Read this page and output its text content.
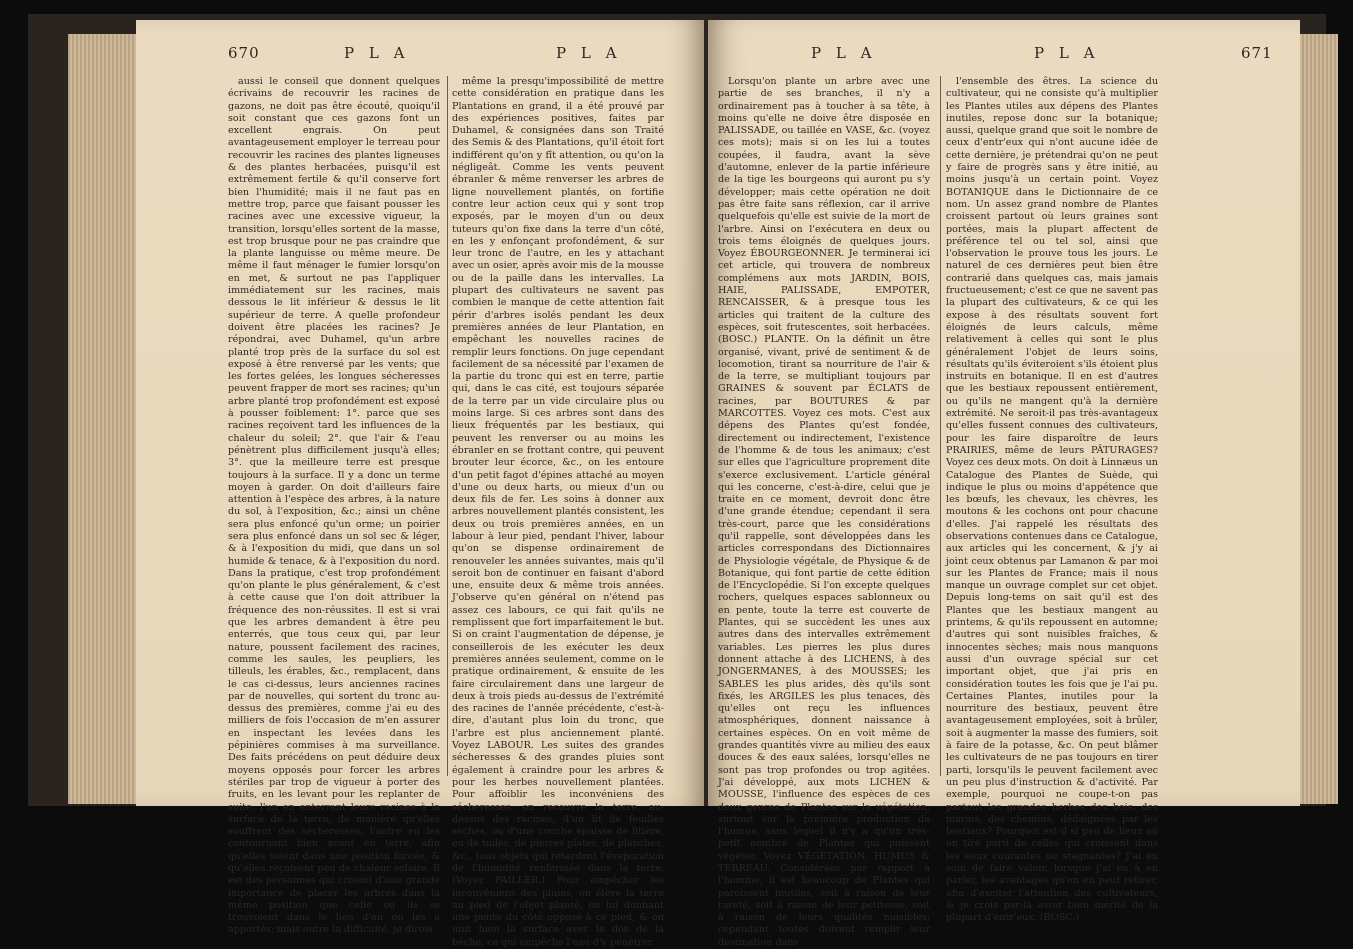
670	P L A	P L A

aussi le conseil que donnent quelques écrivains de recouvrir les racines de gazons, ne doit pas être écouté, quoiqu'il soit constant que ces gazons font un excellent engrais. On peut avantageusement employer le terreau pour recouvrir les racines des plantes ligneuses & des plantes herbacées, puisqu'il est extrêmement fertile & qu'il conserve fort bien l'humidité; mais il ne faut pas en mettre trop, parce que faisant pousser les racines avec une excessive vigueur, la transition, lorsqu'elles sortent de la masse, est trop brusque pour ne pas craindre que la plante languisse ou même meure. De même il faut ménager le fumier lorsqu'on en met, & surtout ne pas l'appliquer immédiatement sur les racines, mais dessous le lit inférieur & dessus le lit supérieur de terre. A quelle profondeur doivent être placées les racines? Je répondrai, avec Duhamel, qu'un arbre planté trop près de la surface du sol est exposé à être renversé par les vents; que les fortes gelées, les longues sécheresses peuvent frapper de mort ses racines; qu'un arbre planté trop profondément est exposé à pousser foiblement: 1°. parce que ses racines reçoivent tard les influences de la chaleur du soleil; 2°. que l'air & l'eau pénètrent plus difficilement jusqu'à elles; 3°. que la meilleure terre est presque toujours à la surface. Il y a donc un terme moyen à garder. On doit d'ailleurs faire attention à l'espèce des arbres, à la nature du sol, à l'exposition, &c.; ainsi un chêne sera plus enfoncé qu'un orme; un poirier sera plus enfoncé dans un sol sec & léger, & à l'exposition du midi, que dans un sol humide & tenace, & à l'exposition du nord. Dans la pratique, c'est trop profondément qu'on plante le plus généralement, & c'est à cette cause que l'on doit attribuer la fréquence des non-réussites. Il est si vrai que les arbres demandent à être peu enterrés, que tous ceux qui, par leur nature, poussent facilement des racines, comme les saules, les peupliers, les tilleuls, les érables, &c., remplacent, dans le cas ci-dessus, leurs anciennes racines par de nouvelles, qui sortent du tronc au-dessus des premières, comme j'ai eu des milliers de fois l'occasion de m'en assurer en inspectant les levées dans les pépinières commises à ma surveillance. Des faits précédens on peut déduire deux moyens opposés pour forcer les arbres stériles par trop de vigueur à porter des fruits, en les levant pour les replanter de suite; l'un en enterrant leurs racines à la surface de la terre, de manière qu'elles souffrent des sécheresses; l'autre en les contournant bien avant en terre, afin qu'elles soient dans une position forcée, & qu'elles reçoivent peu de chaleur solaire. Il est des personnes qui croient d'une grande importance de placer les arbres dans la même position que celle où ils se trouvoient dans le lieu d'où on les a apportés; mais outre la difficulté, je dirois

même la presqu'impossibilité de mettre cette considération en pratique dans les Plantations en grand, il a été prouvé par des expériences positives, faites par Duhamel, & consignées dans son Traité des Semis & des Plantations, qu'il étoit fort indifférent qu'on y fît attention, ou qu'on la négligeât. Comme les vents peuvent ébranler & même renverser les arbres de ligne nouvellement plantés, on fortifie contre leur action ceux qui y sont trop exposés, par le moyen d'un ou deux tuteurs qu'on fixe dans la terre d'un côté, en les y enfonçant profondément, & sur leur tronc de l'autre, en les y attachant avec un osier, après avoir mis de la mousse ou de la paille dans les intervalles. La plupart des cultivateurs ne savent pas combien le manque de cette attention fait périr d'arbres isolés pendant les deux premières années de leur Plantation, en empêchant les nouvelles racines de remplir leurs fonctions. On juge cependant facilement de sa nécessité par l'examen de la partie du tronc qui est en terre, partie qui, dans le cas cité, est toujours séparée de la terre par un vide circulaire plus ou moins large. Si ces arbres sont dans des lieux fréquentés par les bestiaux, qui peuvent les renverser ou au moins les ébranler en se frottant contre, qui peuvent brouter leur écorce, &c., on les entoure d'un petit fagot d'épines attaché au moyen d'une ou deux harts, ou mieux d'un ou deux fils de fer. Les soins à donner aux arbres nouvellement plantés consistent, les deux ou trois premières années, en un labour à leur pied, pendant l'hiver, labour qu'on se dispense ordinairement de renouveler les années suivantes, mais qu'il seroit bon de continuer en faisant d'abord une, ensuite deux & même trois années. J'observe qu'en général on n'étend pas assez ces labours, ce qui fait qu'ils ne remplissent que fort imparfaitement le but. Si on craint l'augmentation de dépense, je conseillerois de les exécuter les deux premières années seulement, comme on le pratique ordinairement, & ensuite de les faire circulairement dans une largeur de deux à trois pieds au-dessus de l'extrémité des racines de l'année précédente, c'est-à-dire, d'autant plus loin du tronc, que l'arbre est plus anciennement planté. Voyez LABOUR. Les suites des grandes sécheresses & des grandes pluies sont également à craindre pour les arbres & pour les herbes nouvellement plantées. Pour affoiblir les inconvéniens des sécheresses, on recouvre la terre, au-dessus des racines, d'un lit de feuilles sèches, ou d'une couche épaisse de litière, ou de tuiles, de pierres plates, de planches, &c., tous objets qui retardent l'évaporation de l'humidité renfermée dans la terre. (Voyez PAILLER.) Pour empêcher les inconvéniens des pluies, on élève la terre au pied de l'objet planté, en lui donnant une pente du côté opposé à ce pied, & on unit bien la surface avec le dos de la bêche, ce qui empêche l'eau d'y pénétrer.

P L A	P L A	671

Lorsqu'on plante un arbre avec une partie de ses branches, il n'y a ordinairement pas à toucher à sa tête, à moins qu'elle ne doive être disposée en PALISSADE, ou taillée en VASE, &c. (voyez ces mots); mais si on les lui a toutes coupées, il faudra, avant la sève d'automne, enlever de la partie inférieure de la tige les bourgeons qui auront pu s'y développer; mais cette opération ne doit pas être faite sans réflexion, car il arrive quelquefois qu'elle est suivie de la mort de l'arbre. Ainsi on l'exécutera en deux ou trois tems éloignés de quelques jours. Voyez ÉBOURGEONNER. Je terminerai ici cet article, qui trouvera de nombreux complémens aux mots JARDIN, BOIS, HAIE, PALISSADE, EMPOTER, RENCAISSER, & à presque tous les articles qui traitent de la culture des espèces, soit frutescentes, soit herbacées. (BOSC.) PLANTE. On la définit un être organisé, vivant, privé de sentiment & de locomotion, tirant sa nourriture de l'air & de la terre, se multipliant toujours par GRAINES & souvent par ÉCLATS de racines, par BOUTURES & par MARCOTTES. Voyez ces mots. C'est aux dépens des Plantes qu'est fondée, directement ou indirectement, l'existence de l'homme & de tous les animaux; c'est sur elles que l'agriculture proprement dite s'exerce exclusivement. L'article général qui les concerne, c'est-à-dire, celui que je traite en ce moment, devroit donc être d'une grande étendue; cependant il sera très-court, parce que les considérations qu'il rappelle, sont développées dans les articles correspondans des Dictionnaires de Physiologie végétale, de Physique & de Botanique, qui font partie de cette édition de l'Encyclopédie. Si l'on excepte quelques rochers, quelques espaces sablonneux ou en pente, toute la terre est couverte de Plantes, qui se succèdent les unes aux autres dans des intervalles extrêmement variables. Les pierres les plus dures donnent attache à des LICHENS, à des JONGERMANES, à des MOUSSES; les SABLES les plus arides, dès qu'ils sont fixés, les ARGILES les plus tenaces, dès qu'elles ont reçu les influences atmosphériques, donnent naissance à certaines espèces. On en voit même de grandes quantités vivre au milieu des eaux douces & des eaux salées, lorsqu'elles ne sont pas trop profondes ou trop agitées. J'ai développé, aux mots LICHEN & MOUSSE, l'influence des espèces de ces deux genres de Plantes sur la végétation, surtout sur la première production de l'humus, sans lequel il n'y a qu'un très-petit nombre de Plantes qui puissent végéter. Voyez VÉGÉTATION, HUMUS & TERREAU. Considérées par rapport à l'homme, il est beaucoup de Plantes qui paroissent inutiles, soit à raison de leur rareté, soit à raison de leur petitesse, soit à raison de leurs qualités nuisibles; cependant toutes doivent remplir leur destination dans

l'ensemble des êtres. La science du cultivateur, qui ne consiste qu'à multiplier les Plantes utiles aux dépens des Plantes inutiles, repose donc sur la botanique; aussi, quelque grand que soit le nombre de ceux d'entr'eux qui n'ont aucune idée de cette dernière, je prétendrai qu'on ne peut y faire de progrès sans y être initié, au moins jusqu'à un certain point. Voyez BOTANIQUE dans le Dictionnaire de ce nom. Un assez grand nombre de Plantes croissent partout où leurs graines sont portées, mais la plupart affectent de préférence tel ou tel sol, ainsi que l'observation le prouve tous les jours. Le naturel de ces dernières peut bien être contrarié dans quelques cas, mais jamais fructueusement; c'est ce que ne savent pas la plupart des cultivateurs, & ce qui les expose à des résultats souvent fort éloignés de leurs calculs, même relativement à celles qui sont le plus généralement l'objet de leurs soins, résultats qu'ils éviteroient s'ils étoient plus instruits en botanique. Il en est d'autres que les bestiaux repoussent entièrement, ou qu'ils ne mangent qu'à la dernière extrémité. Ne seroit-il pas très-avantageux qu'elles fussent connues des cultivateurs, pour les faire disparoître de leurs PRAIRIES, même de leurs PÂTURAGES? Voyez ces deux mots. On doit à Linnæus un Catalogue des Plantes de Suède, qui indique le plus ou moins d'appétence que les bœufs, les chevaux, les chèvres, les moutons & les cochons ont pour chacune d'elles. J'ai rappelé les résultats des observations contenues dans ce Catalogue, aux articles qui les concernent, & j'y ai joint ceux obtenus par Lamanon & par moi sur les Plantes de France; mais il nous manque un ouvrage complet sur cet objet. Depuis long-tems on sait qu'il est des Plantes que les bestiaux mangent au printems, & qu'ils repoussent en automne; d'autres qui sont nuisibles fraîches, & innocentes sèches; mais nous manquons aussi d'un ouvrage spécial sur cet important objet, que j'ai pris en considération toutes les fois que je l'ai pu. Certaines Plantes, inutiles pour la nourriture des bestiaux, peuvent être avantageusement employées, soit à brûler, soit à augmenter la masse des fumiers, soit à faire de la potasse, &c. On peut blâmer les cultivateurs de ne pas toujours en tirer parti, lorsqu'ils le peuvent facilement avec un peu plus d'instruction & d'activité. Par exemple, pourquoi ne coupe-t-on pas partout les grandes herbes des bois, des marais, des chemins, dédaignées par les bestiaux? Pourquoi est-il si peu de lieux où on tire parti de celles qui croissent dans les eaux courantes ou stagnantes? J'ai eu soin de faire valoir, lorsque j'ai eu à en parler, les avantages qu'on en peut retirer, afin d'exciter l'attention des cultivateurs, & je crois par-là avoir bien mérité de la plupart d'entr'eux. (BOSC.)
